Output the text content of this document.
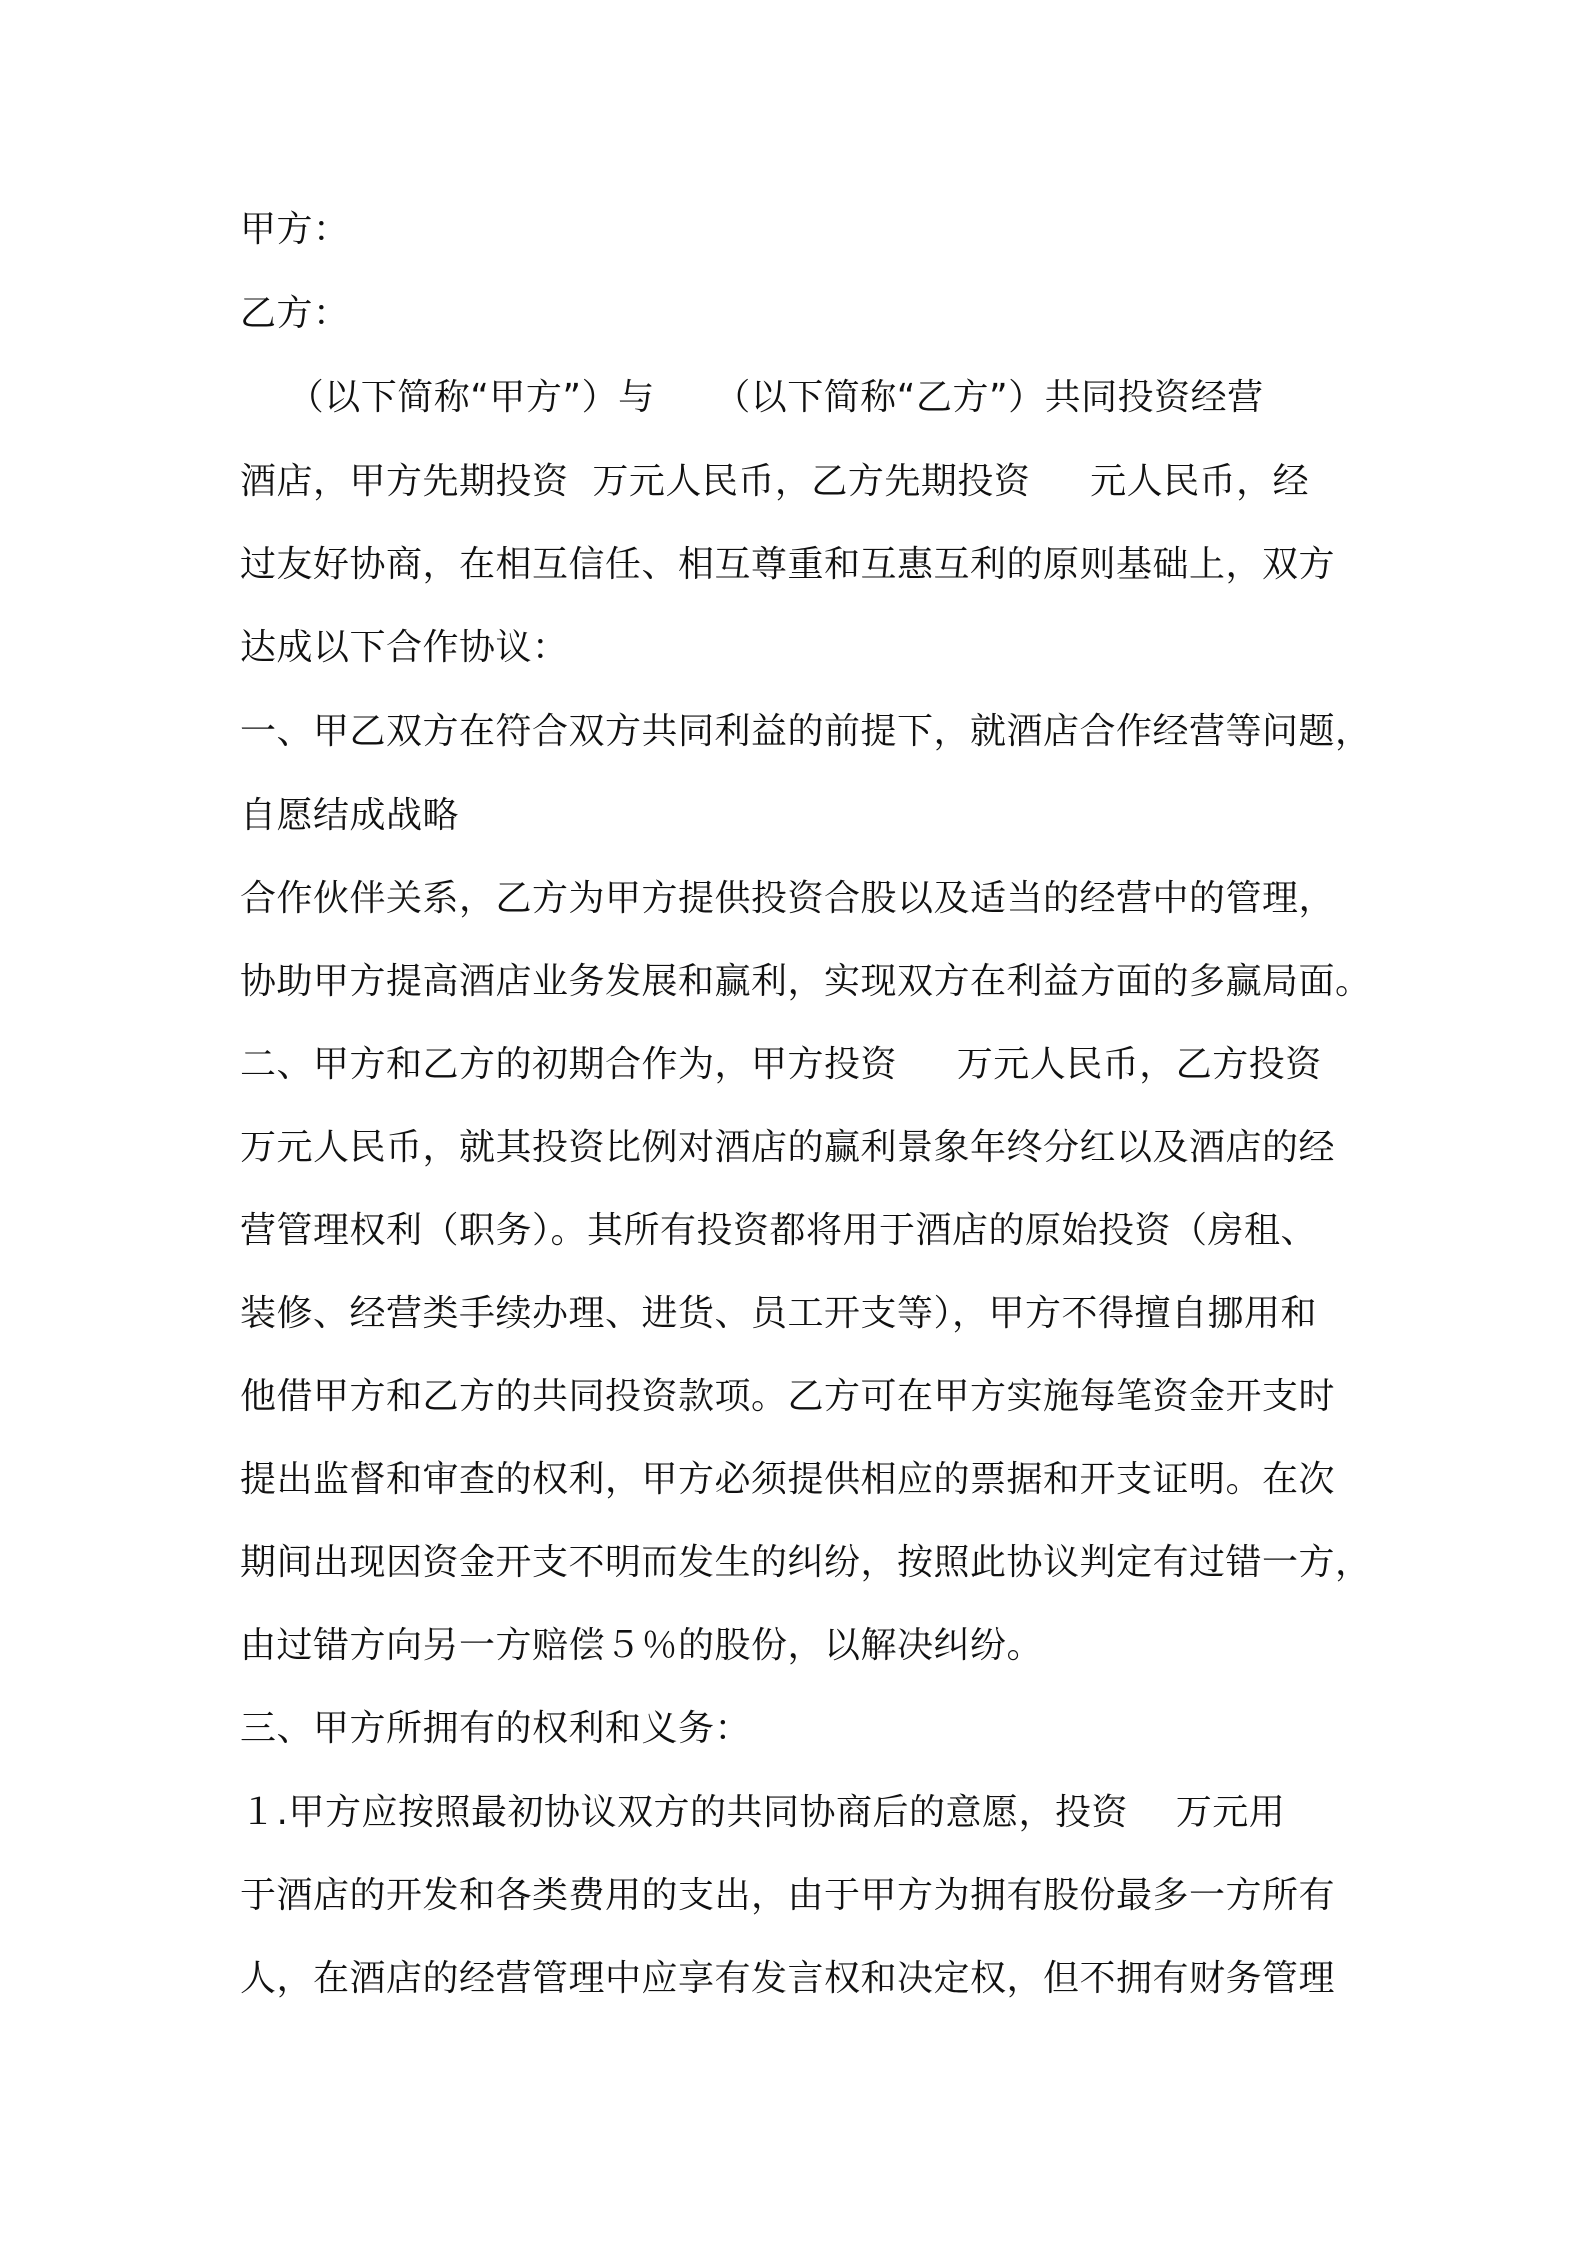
甲方：
乙方：
（以下简称“甲方”）与     （以下简称“乙方”）共同投资经营
酒店，甲方先期投资  万元人民币，乙方先期投资     元人民币，经
过友好协商，在相互信任、相互尊重和互惠互利的原则基础上，双方
达成以下合作协议：
一、甲乙双方在符合双方共同利益的前提下，就酒店合作经营等问题，
自愿结成战略
合作伙伴关系，乙方为甲方提供投资合股以及适当的经营中的管理，
协助甲方提高酒店业务发展和赢利，实现双方在利益方面的多赢局面。
二、甲方和乙方的初期合作为，甲方投资     万元人民币，乙方投资
万元人民币，就其投资比例对酒店的赢利景象年终分红以及酒店的经
营管理权利（职务）。其所有投资都将用于酒店的原始投资（房租、
装修、经营类手续办理、进货、员工开支等），甲方不得擅自挪用和
他借甲方和乙方的共同投资款项。乙方可在甲方实施每笔资金开支时
提出监督和审查的权利，甲方必须提供相应的票据和开支证明。在次
期间出现因资金开支不明而发生的纠纷，按照此协议判定有过错一方，
由过错方向另一方赔偿５％的股份，以解决纠纷。
三、甲方所拥有的权利和义务：
１.甲方应按照最初协议双方的共同协商后的意愿，投资    万元用
于酒店的开发和各类费用的支出，由于甲方为拥有股份最多一方所有
人，在酒店的经营管理中应享有发言权和决定权，但不拥有财务管理
